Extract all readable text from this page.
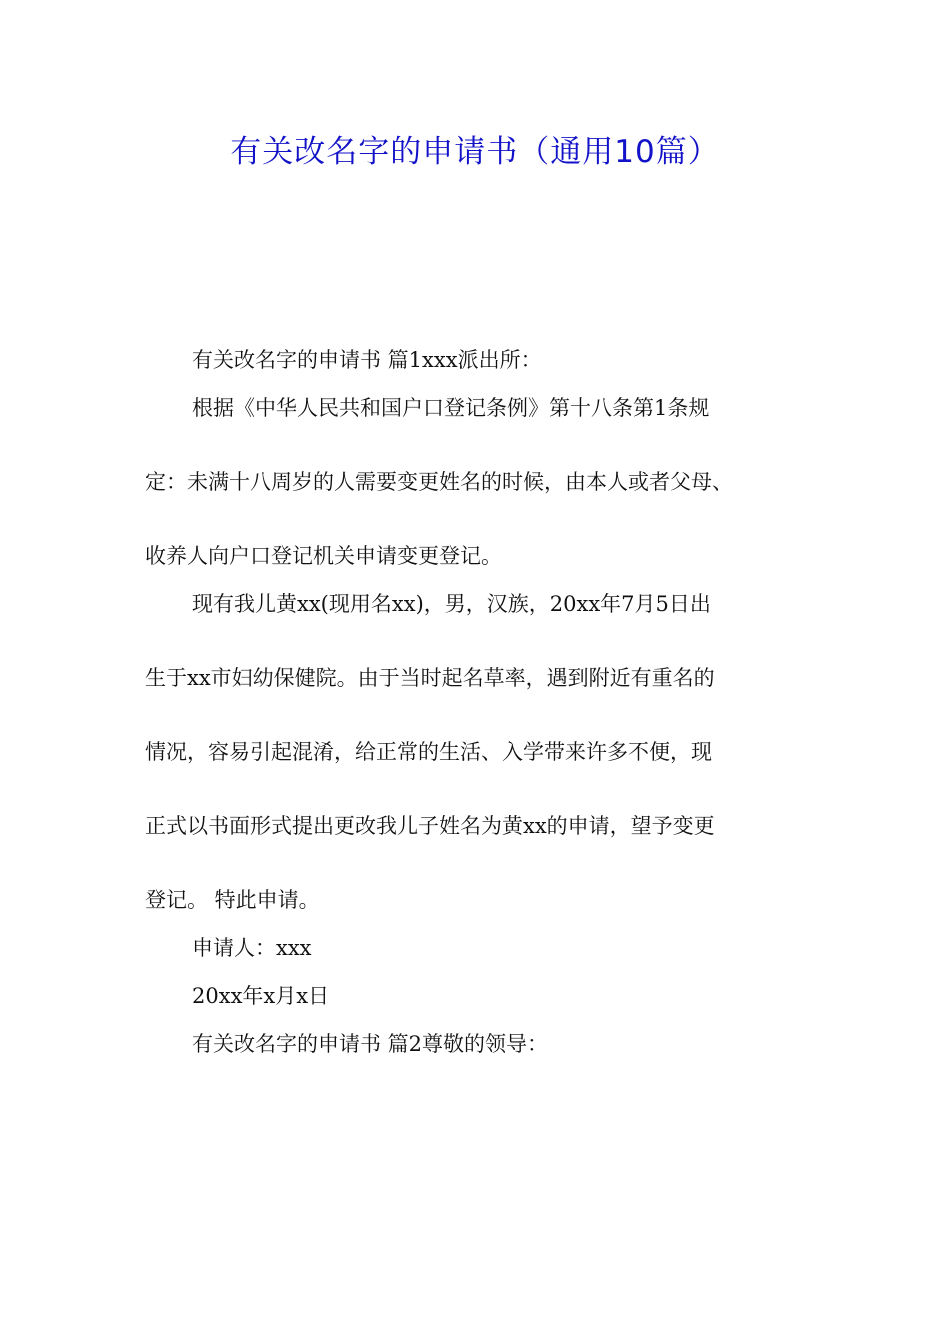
有关改名字的申请书（通用10篇）
有关改名字的申请书 篇1xxx派出所：
根据《中华人民共和国户口登记条例》第十八条第1条规
定：未满十八周岁的人需要变更姓名的时候，由本人或者父母、
收养人向户口登记机关申请变更登记。
现有我儿黄xx(现用名xx)，男，汉族，20xx年7月5日出
生于xx市妇幼保健院。由于当时起名草率，遇到附近有重名的
情况，容易引起混淆，给正常的生活、入学带来许多不便，现
正式以书面形式提出更改我儿子姓名为黄xx的申请，望予变更
登记。 特此申请。
申请人：xxx
20xx年x月x日
有关改名字的申请书 篇2尊敬的领导：
